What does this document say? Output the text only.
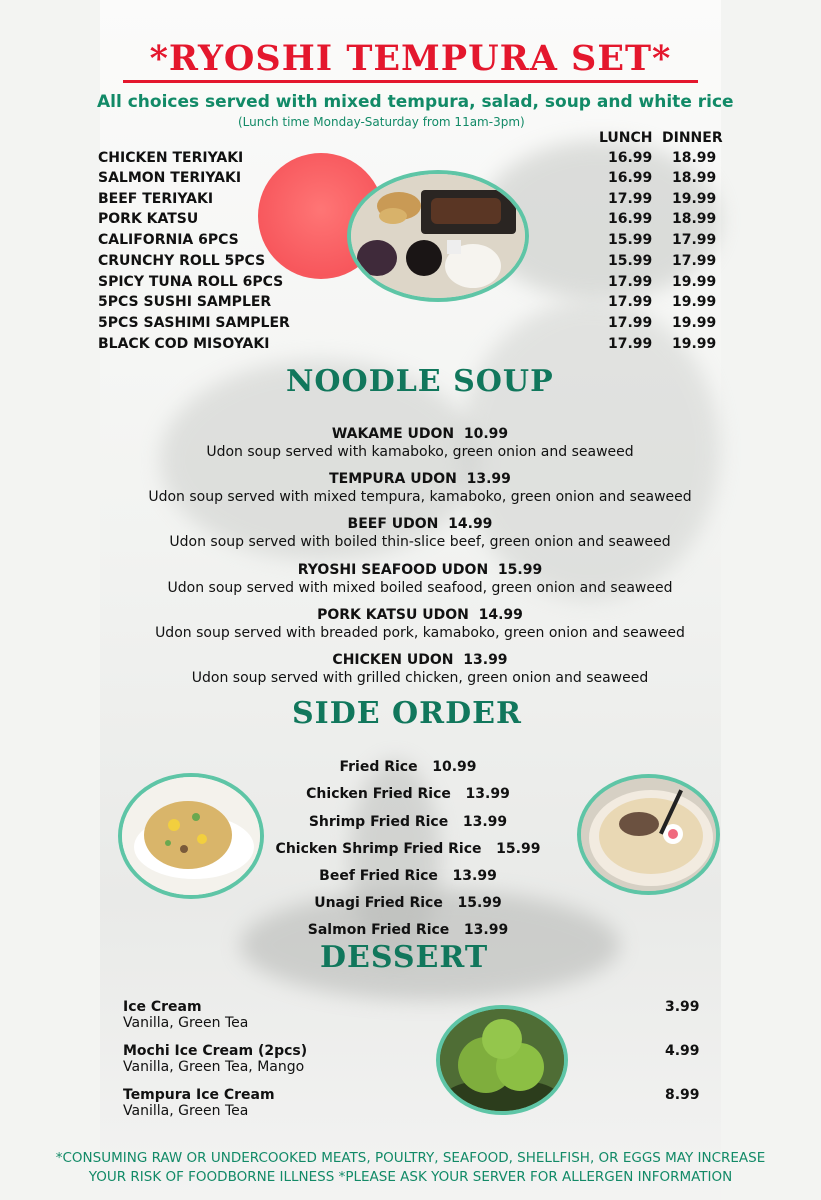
*RYOSHI TEMPURA SET*
All choices served with mixed tempura, salad, soup and white rice
(Lunch time Monday-Saturday from 11am-3pm)
LUNCH DINNER
CHICKEN TERIYAKI	16.99 18.99
SALMON TERIYAKI	16.99 18.99
BEEF TERIYAKI	17.99 19.99
PORK KATSU	16.99 18.99
CALIFORNIA 6PCS	15.99 17.99
CRUNCHY ROLL 5PCS	15.99 17.99
SPICY TUNA ROLL 6PCS	17.99 19.99
5PCS SUSHI SAMPLER	17.99 19.99
5PCS SASHIMI SAMPLER	17.99 19.99
BLACK COD MISOYAKI	17.99 19.99
NOODLE SOUP
WAKAME UDON 10.99
Udon soup served with kamaboko, green onion and seaweed
TEMPURA UDON 13.99
Udon soup served with mixed tempura, kamaboko, green onion and seaweed
BEEF UDON 14.99
Udon soup served with boiled thin-slice beef, green onion and seaweed
RYOSHI SEAFOOD UDON 15.99
Udon soup served with mixed boiled seafood, green onion and seaweed
PORK KATSU UDON 14.99
Udon soup served with breaded pork, kamaboko, green onion and seaweed
CHICKEN UDON 13.99
Udon soup served with grilled chicken, green onion and seaweed
SIDE ORDER
Fried Rice 10.99
Chicken Fried Rice 13.99
Shrimp Fried Rice 13.99
Chicken Shrimp Fried Rice 15.99
Beef Fried Rice 13.99
Unagi Fried Rice 15.99
Salmon Fried Rice 13.99
DESSERT
Ice Cream
Vanilla, Green Tea
3.99
Mochi Ice Cream (2pcs)
Vanilla, Green Tea, Mango
4.99
Tempura Ice Cream
Vanilla, Green Tea
8.99
*CONSUMING RAW OR UNDERCOOKED MEATS, POULTRY, SEAFOOD, SHELLFISH, OR EGGS MAY INCREASE
YOUR RISK OF FOODBORNE ILLNESS *PLEASE ASK YOUR SERVER FOR ALLERGEN INFORMATION
